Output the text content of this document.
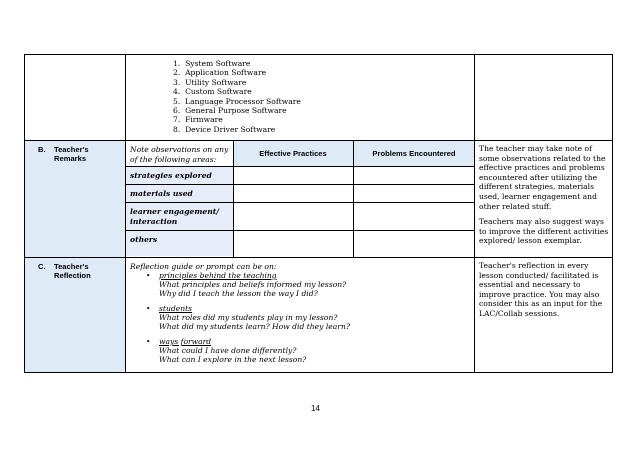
1. System Software
2. Application Software
3. Utility Software
4. Custom Software
5. Language Processor Software
6. General Purpose Software
7. Firmware
8. Device Driver Software
B. Teacher's
Remarks
Note observations on any
of the following areas:
Effective Practices	Problems Encountered
strategies explored
materials used
learner engagement/
interaction
others
The teacher may take note of some observations related to the effective practices and problems encountered after utilizing the different strategies, materials used, learner engagement and other related stuff.
Teachers may also suggest ways to improve the different activities explored/ lesson exemplar.
C. Teacher's
Reflection
Reflection guide or prompt can be on:
• principles behind the teaching
What principles and beliefs informed my lesson?
Why did I teach the lesson the way I did?
• students
What roles did my students play in my lesson?
What did my students learn? How did they learn?
• ways forward
What could I have done differently?
What can I explore in the next lesson?
Teacher's reflection in every lesson conducted/ facilitated is essential and necessary to improve practice. You may also consider this as an input for the LAC/Collab sessions.
14
